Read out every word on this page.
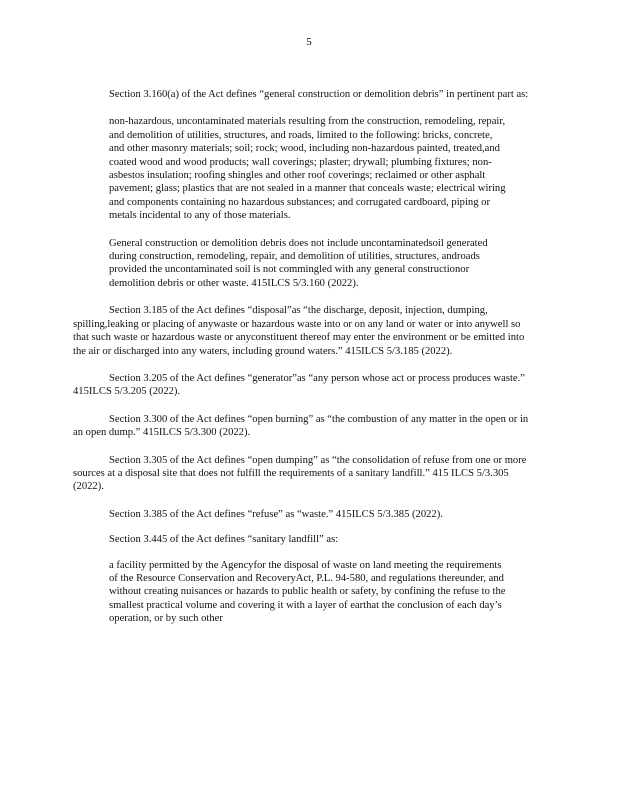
5

Section 3.160(a) of the Act defines “general construction or demolition debris” in pertinent part as:

non-hazardous, uncontaminated materials resulting from the construction, remodeling, repair, and demolition of utilities, structures, and roads, limited to the following: bricks, concrete, and other masonry materials; soil; rock; wood, including non-hazardous painted, treated,and coated wood and wood products; wall coverings; plaster; drywall; plumbing fixtures; non-asbestos insulation; roofing shingles and other roof coverings; reclaimed or other asphalt pavement; glass; plastics that are not sealed in a manner that conceals waste; electrical wiring and components containing no hazardous substances; and corrugated cardboard, piping or metals incidental to any of those materials.

General construction or demolition debris does not include uncontaminatedsoil generated during construction, remodeling, repair, and demolition of utilities, structures, androads provided the uncontaminated soil is not commingled with any general constructionor demolition debris or other waste. 415ILCS 5/3.160 (2022).

Section 3.185 of the Act defines “disposal”as “the discharge, deposit, injection, dumping, spilling,leaking or placing of anywaste or hazardous waste into or on any land or water or into anywell so that such waste or hazardous waste or anyconstituent thereof may enter the environment or be emitted into the air or discharged into any waters, including ground waters.” 415ILCS 5/3.185 (2022).

Section 3.205 of the Act defines “generator”as “any person whose act or process produces waste.” 415ILCS 5/3.205 (2022).

Section 3.300 of the Act defines “open burning” as “the combustion of any matter in the open or in an open dump.” 415ILCS 5/3.300 (2022).

Section 3.305 of the Act defines “open dumping” as “the consolidation of refuse from one or more sources at a disposal site that does not fulfill the requirements of a sanitary landfill.” 415 ILCS 5/3.305 (2022).

Section 3.385 of the Act defines “refuse” as “waste.” 415ILCS 5/3.385 (2022).

Section 3.445 of the Act defines “sanitary landfill” as:

a facility permitted by the Agencyfor the disposal of waste on land meeting the requirements of the Resource Conservation and RecoveryAct, P.L. 94-580, and regulations thereunder, and without creating nuisances or hazards to public health or safety, by confining the refuse to the smallest practical volume and covering it with a layer of earthat the conclusion of each day’s operation, or by such other
